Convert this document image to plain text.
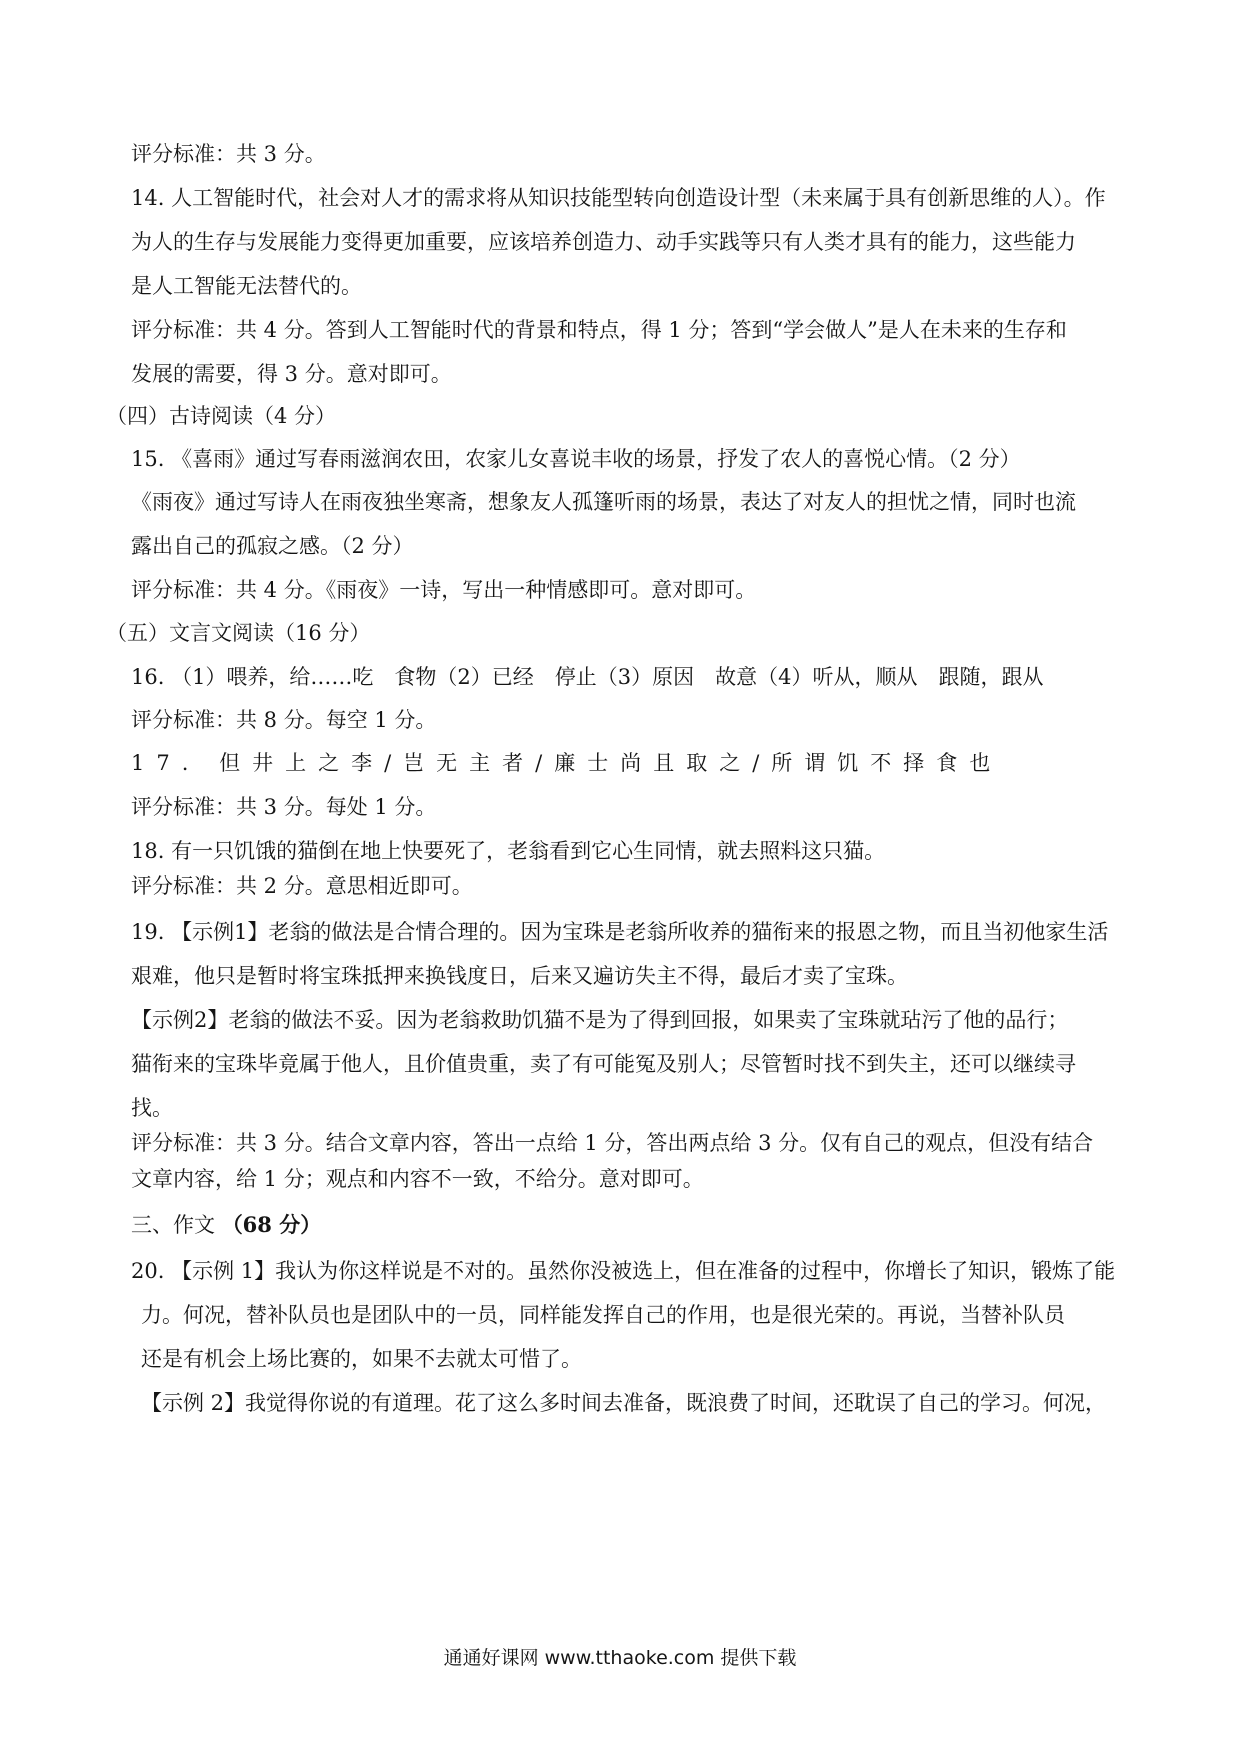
评分标准：共 3 分。
14. 人工智能时代，社会对人才的需求将从知识技能型转向创造设计型（未来属于具有创新思维的人）。作
为人的生存与发展能力变得更加重要，应该培养创造力、动手实践等只有人类才具有的能力，这些能力
是人工智能无法替代的。
评分标准：共 4 分。答到人工智能时代的背景和特点，得 1 分；答到“学会做人”是人在未来的生存和
发展的需要，得 3 分。意对即可。
（四）古诗阅读（4 分）
15. 《喜雨》通过写春雨滋润农田，农家儿女喜说丰收的场景，抒发了农人的喜悦心情。（2 分）
《雨夜》通过写诗人在雨夜独坐寒斋，想象友人孤篷听雨的场景，表达了对友人的担忧之情，同时也流
露出自己的孤寂之感。（2 分）
评分标准：共 4 分。《雨夜》一诗，写出一种情感即可。意对即可。
（五）文言文阅读（16 分）
16. （1）喂养，给……吃　食物（2）已经　停止（3）原因　故意（4）听从，顺从　跟随，跟从
评分标准：共 8 分。每空 1 分。
17. 但井上之李/岂无主者/廉士尚且取之/所谓饥不择食也
评分标准：共 3 分。每处 1 分。
18. 有一只饥饿的猫倒在地上快要死了，老翁看到它心生同情，就去照料这只猫。
评分标准：共 2 分。意思相近即可。
19. 【示例1】老翁的做法是合情合理的。因为宝珠是老翁所收养的猫衔来的报恩之物，而且当初他家生活
艰难，他只是暂时将宝珠抵押来换钱度日，后来又遍访失主不得，最后才卖了宝珠。
【示例2】老翁的做法不妥。因为老翁救助饥猫不是为了得到回报，如果卖了宝珠就玷污了他的品行；
猫衔来的宝珠毕竟属于他人，且价值贵重，卖了有可能冤及别人；尽管暂时找不到失主，还可以继续寻
找。
评分标准：共 3 分。结合文章内容，答出一点给 1 分，答出两点给 3 分。仅有自己的观点，但没有结合
文章内容，给 1 分；观点和内容不一致，不给分。意对即可。
三、作文 （68 分）
20. 【示例 1】我认为你这样说是不对的。虽然你没被选上，但在准备的过程中，你增长了知识，锻炼了能
力。何况，替补队员也是团队中的一员，同样能发挥自己的作用，也是很光荣的。再说，当替补队员
还是有机会上场比赛的，如果不去就太可惜了。
【示例 2】我觉得你说的有道理。花了这么多时间去准备，既浪费了时间，还耽误了自己的学习。何况，
通通好课网 www.tthaoke.com 提供下载
